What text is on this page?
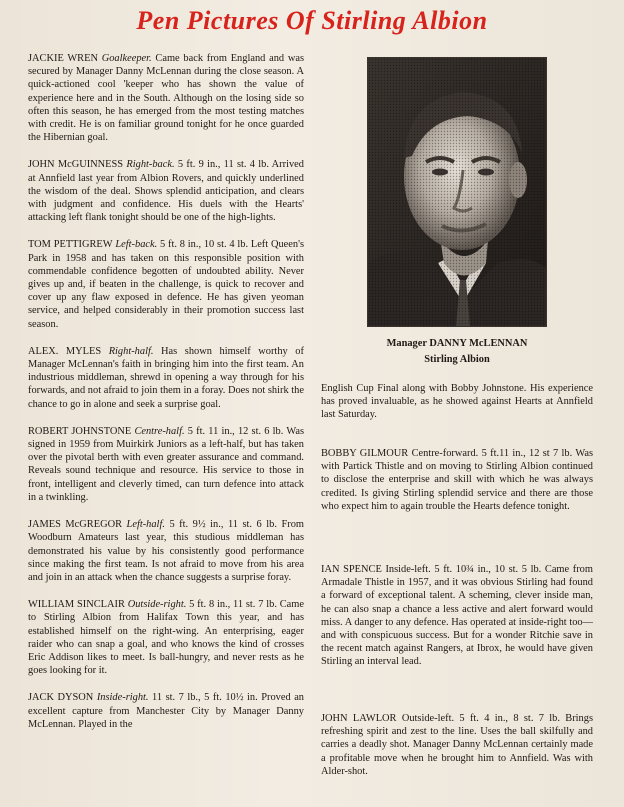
Pen Pictures Of Stirling Albion

JACKIE WREN Goalkeeper. Came back from England and was secured by Manager Danny McLennan during the close season. A quick-actioned cool 'keeper who has shown the value of experience here and in the South. Although on the losing side so often this season, he has emerged from the most testing matches with credit. He is on familiar ground tonight for he once guarded the Hibernian goal.

JOHN McGUINNESS Right-back. 5 ft. 9 in., 11 st. 4 lb. Arrived at Annfield last year from Albion Rovers, and quickly underlined the wisdom of the deal. Shows splendid anticipation, and clears with judgment and confidence. His duels with the Hearts' attacking left flank tonight should be one of the high-lights.

TOM PETTIGREW Left-back. 5 ft. 8 in., 10 st. 4 lb. Left Queen's Park in 1958 and has taken on this responsible position with commendable confidence begotten of undoubted ability. Never gives up and, if beaten in the challenge, is quick to recover and cover up any flaw exposed in defence. He has given yeoman service, and helped considerably in their promotion success last season.

ALEX. MYLES Right-half. Has shown himself worthy of Manager McLennan's faith in bringing him into the first team. An industrious middleman, shrewd in opening a way through for his forwards, and not afraid to join them in a foray. Does not shirk the chance to go in alone and seek a surprise goal.

ROBERT JOHNSTONE Centre-half. 5 ft. 11 in., 12 st. 6 lb. Was signed in 1959 from Muirkirk Juniors as a left-half, but has taken over the pivotal berth with even greater assurance and command. Reveals sound technique and resource. His service to those in front, intelligent and cleverly timed, can turn defence into attack in a twinkling.

JAMES McGREGOR Left-half. 5 ft. 9½ in., 11 st. 6 lb. From Woodburn Amateurs last year, this studious middleman has demonstrated his value by his consistently good performance since making the first team. Is not afraid to move from his area and join in an attack when the chance suggests a surprise foray.

WILLIAM SINCLAIR Outside-right. 5 ft. 8 in., 11 st. 7 lb. Came to Stirling Albion from Halifax Town this year, and has established himself on the right-wing. An enterprising, eager raider who can snap a goal, and who knows the kind of crosses Eric Addison likes to meet. Is ball-hungry, and never rests as he goes looking for it.

JACK DYSON Inside-right. 11 st. 7 lb., 5 ft. 10½ in. Proved an excellent capture from Manchester City by Manager Danny McLennan. Played in the

Manager DANNY McLENNAN
Stirling Albion

English Cup Final along with Bobby Johnstone. His experience has proved invaluable, as he showed against Hearts at Annfield last Saturday.

BOBBY GILMOUR Centre-forward. 5 ft.11 in., 12 st 7 lb. Was with Partick Thistle and on moving to Stirling Albion continued to disclose the enterprise and skill with which he was always credited. Is giving Stirling splendid service and there are those who expect him to again trouble the Hearts defence tonight.

IAN SPENCE Inside-left. 5 ft. 10¾ in., 10 st. 5 lb. Came from Armadale Thistle in 1957, and it was obvious Stirling had found a forward of exceptional talent. A scheming, clever inside man, he can also snap a chance a less active and alert forward would miss. A danger to any defence. Has operated at inside-right too—and with conspicuous success. But for a wonder Ritchie save in the recent match against Rangers, at Ibrox, he would have given Stirling an interval lead.

JOHN LAWLOR Outside-left. 5 ft. 4 in., 8 st. 7 lb. Brings refreshing spirit and zest to the line. Uses the ball skilfully and carries a deadly shot. Manager Danny McLennan certainly made a profitable move when he brought him to Annfield. Was with Alder-shot.
